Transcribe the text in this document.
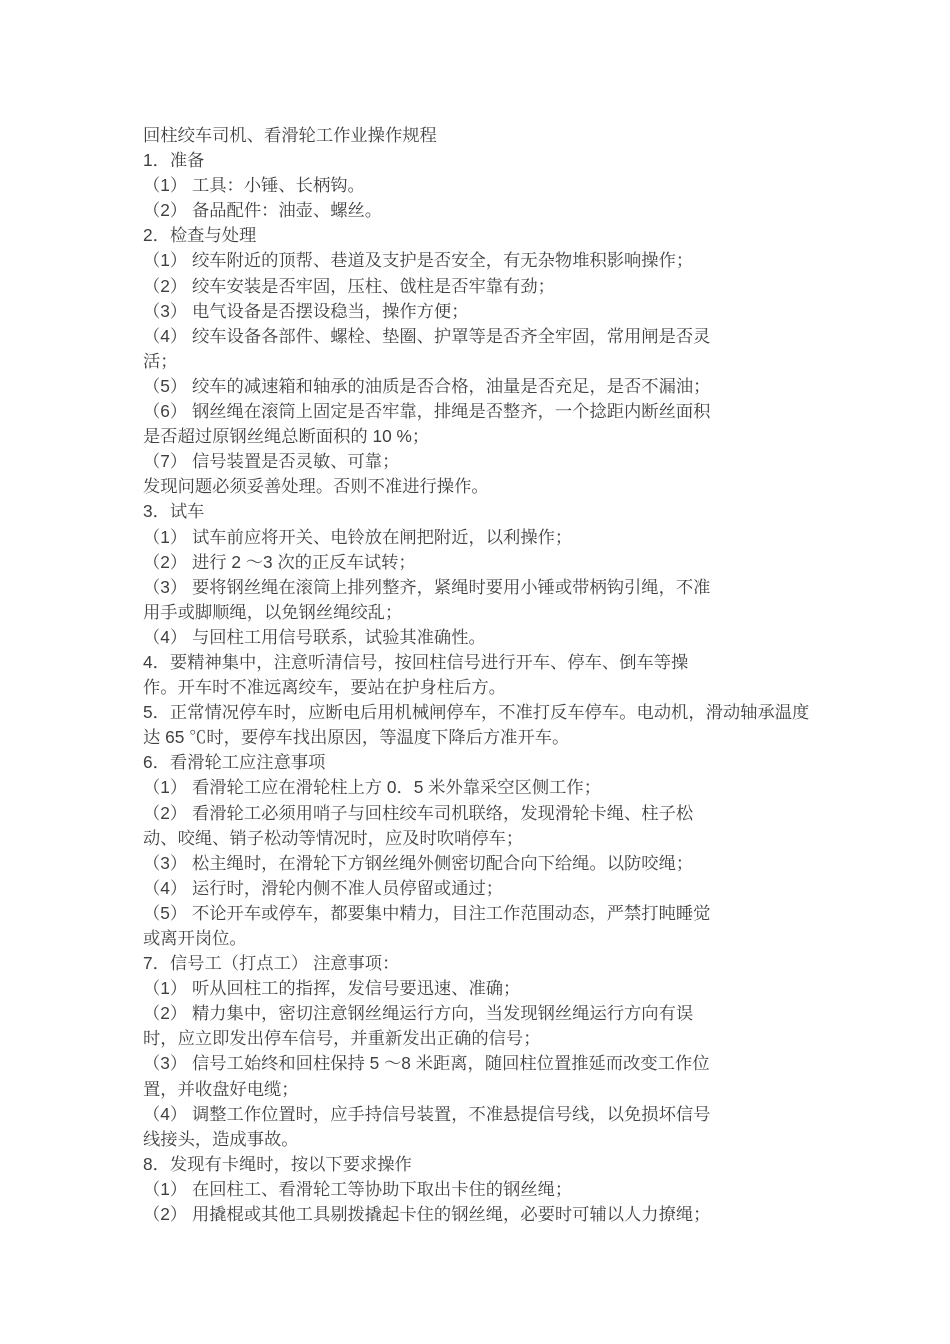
回柱绞车司机、看滑轮工作业操作规程
1．准备
（1） 工具：小锤、长柄钩。
（2） 备品配件：油壶、螺丝。
2．检查与处理
（1） 绞车附近的顶帮、巷道及支护是否安全，有无杂物堆积影响操作；
（2） 绞车安装是否牢固，压柱、戗柱是否牢靠有劲；
（3） 电气设备是否摆设稳当，操作方便；
（4） 绞车设备各部件、螺栓、垫圈、护罩等是否齐全牢固，常用闸是否灵
活；
（5） 绞车的减速箱和轴承的油质是否合格，油量是否充足，是否不漏油；
（6） 钢丝绳在滚筒上固定是否牢靠，排绳是否整齐，一个捻距内断丝面积
是否超过原钢丝绳总断面积的 10 %；
（7） 信号装置是否灵敏、可靠；
发现问题必须妥善处理。否则不准进行操作。
3．试车
（1） 试车前应将开关、电铃放在闸把附近，以利操作；
（2） 进行 2 ～3 次的正反车试转；
（3） 要将钢丝绳在滚筒上排列整齐，紧绳时要用小锤或带柄钩引绳，不准
用手或脚顺绳，以免钢丝绳绞乱；
（4） 与回柱工用信号联系，试验其准确性。
4．要精神集中，注意听清信号，按回柱信号进行开车、停车、倒车等操
作。开车时不准远离绞车，要站在护身柱后方。
5．正常情况停车时，应断电后用机械闸停车，不准打反车停车。电动机，滑动轴承温度
达 65 ℃时，要停车找出原因，等温度下降后方准开车。
6．看滑轮工应注意事项
（1） 看滑轮工应在滑轮柱上方 0．5 米外靠采空区侧工作；
（2） 看滑轮工必须用哨子与回柱绞车司机联络，发现滑轮卡绳、柱子松
动、咬绳、销子松动等情况时，应及时吹哨停车；
（3） 松主绳时，在滑轮下方钢丝绳外侧密切配合向下给绳。以防咬绳；
（4） 运行时，滑轮内侧不准人员停留或通过；
（5） 不论开车或停车，都要集中精力，目注工作范围动态，严禁打盹睡觉
或离开岗位。
7．信号工（打点工） 注意事项：
（1） 听从回柱工的指挥，发信号要迅速、准确；
（2） 精力集中，密切注意钢丝绳运行方向，当发现钢丝绳运行方向有误
时，应立即发出停车信号，并重新发出正确的信号；
（3） 信号工始终和回柱保持 5 ～8 米距离，随回柱位置推延而改变工作位
置，并收盘好电缆；
（4） 调整工作位置时，应手持信号装置，不准悬提信号线，以免损坏信号
线接头，造成事故。
8．发现有卡绳时，按以下要求操作
（1） 在回柱工、看滑轮工等协助下取出卡住的钢丝绳；
（2） 用撬棍或其他工具剔拨撬起卡住的钢丝绳，必要时可辅以人力撩绳；
